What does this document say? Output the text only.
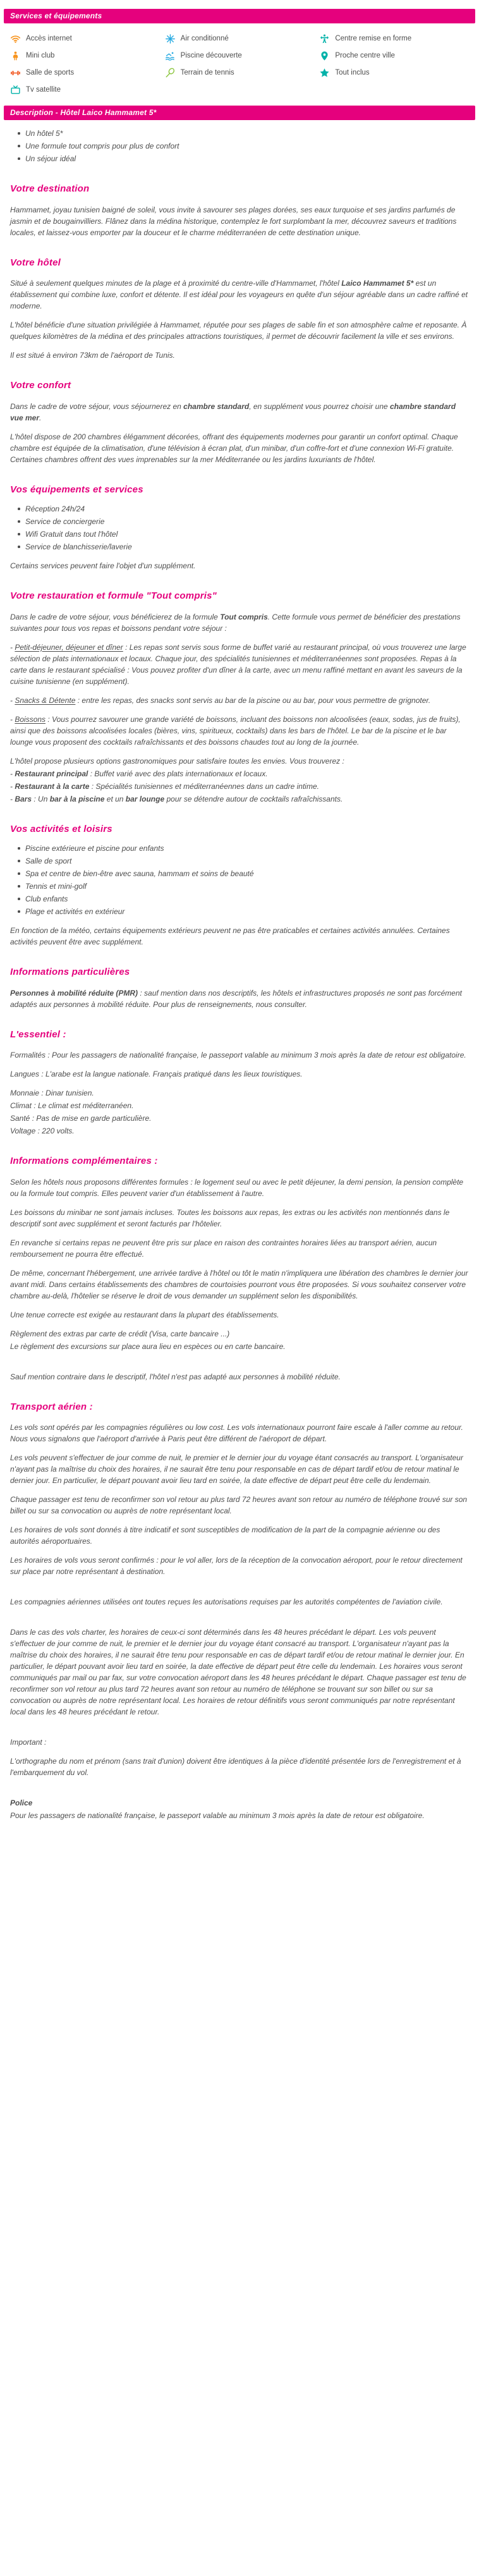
Services et équipements
Accès internet	Air conditionné	Centre remise en forme
Mini club	Piscine découverte	Proche centre ville
Salle de sports	Terrain de tennis	Tout inclus
Tv satellite
Description - Hôtel Laico Hammamet 5*
Un hôtel 5*
Une formule tout compris pour plus de confort
Un séjour idéal
Votre destination

Hammamet, joyau tunisien baigné de soleil, vous invite à savourer ses plages dorées, ses eaux turquoise et ses jardins parfumés de jasmin et de bougainvilliers. Flânez dans la médina historique, contemplez le fort surplombant la mer, découvrez saveurs et traditions locales, et laissez-vous emporter par la douceur et le charme méditerranéen de cette destination unique.

Votre hôtel

Situé à seulement quelques minutes de la plage et à proximité du centre-ville d'Hammamet, l'hôtel Laico Hammamet 5* est un établissement qui combine luxe, confort et détente. Il est idéal pour les voyageurs en quête d'un séjour agréable dans un cadre raffiné et moderne.

L'hôtel bénéficie d'une situation privilégiée à Hammamet, réputée pour ses plages de sable fin et son atmosphère calme et reposante. À quelques kilomètres de la médina et des principales attractions touristiques, il permet de découvrir facilement la ville et ses environs.

Il est situé à environ 73km de l'aéroport de Tunis.

Votre confort

Dans le cadre de votre séjour, vous séjournerez en chambre standard, en supplément vous pourrez choisir une chambre standard vue mer.

L'hôtel dispose de 200 chambres élégamment décorées, offrant des équipements modernes pour garantir un confort optimal. Chaque chambre est équipée de la climatisation, d'une télévision à écran plat, d'un minibar, d'un coffre-fort et d'une connexion Wi-Fi gratuite. Certaines chambres offrent des vues imprenables sur la mer Méditerranée ou les jardins luxuriants de l'hôtel.

Vos équipements et services
Réception 24h/24
Service de conciergerie
Wifi Gratuit dans tout l'hôtel
Service de blanchisserie/laverie

Certains services peuvent faire l'objet d'un supplément.

Votre restauration et formule "Tout compris"

Dans le cadre de votre séjour, vous bénéficierez de la formule Tout compris. Cette formule vous permet de bénéficier des prestations suivantes pour tous vos repas et boissons pendant votre séjour :

- Petit-déjeuner, déjeuner et dîner : Les repas sont servis sous forme de buffet varié au restaurant principal, où vous trouverez une large sélection de plats internationaux et locaux. Chaque jour, des spécialités tunisiennes et méditerranéennes sont proposées. Repas à la carte dans le restaurant spécialisé : Vous pouvez profiter d'un dîner à la carte, avec un menu raffiné mettant en avant les saveurs de la cuisine tunisienne (en supplément).

- Snacks & Détente : entre les repas, des snacks sont servis au bar de la piscine ou au bar, pour vous permettre de grignoter.

- Boissons : Vous pourrez savourer une grande variété de boissons, incluant des boissons non alcoolisées (eaux, sodas, jus de fruits), ainsi que des boissons alcoolisées locales (bières, vins, spiritueux, cocktails) dans les bars de l'hôtel. Le bar de la piscine et le bar lounge vous proposent des cocktails rafraîchissants et des boissons chaudes tout au long de la journée.

L'hôtel propose plusieurs options gastronomiques pour satisfaire toutes les envies. Vous trouverez :

- Restaurant principal : Buffet varié avec des plats internationaux et locaux.

- Restaurant à la carte : Spécialités tunisiennes et méditerranéennes dans un cadre intime.

- Bars : Un bar à la piscine et un bar lounge pour se détendre autour de cocktails rafraîchissants.

Vos activités et loisirs
Piscine extérieure et piscine pour enfants
Salle de sport
Spa et centre de bien-être avec sauna, hammam et soins de beauté
Tennis et mini-golf
Club enfants
Plage et activités en extérieur

En fonction de la météo, certains équipements extérieurs peuvent ne pas être praticables et certaines activités annulées. Certaines activités peuvent être avec supplément.

Informations particulières

Personnes à mobilité réduite (PMR) : sauf mention dans nos descriptifs, les hôtels et infrastructures proposés ne sont pas forcément adaptés aux personnes à mobilité réduite. Pour plus de renseignements, nous consulter.

L'essentiel :

Formalités : Pour les passagers de nationalité française, le passeport valable au minimum 3 mois après la date de retour est obligatoire.

Langues : L'arabe est la langue nationale. Français pratiqué dans les lieux touristiques.

Monnaie : Dinar tunisien.

Climat : Le climat est méditerranéen.

Santé : Pas de mise en garde particulière.

Voltage : 220 volts.

Informations complémentaires :

Selon les hôtels nous proposons différentes formules : le logement seul ou avec le petit déjeuner, la demi pension, la pension complète ou la formule tout compris. Elles peuvent varier d'un établissement à l'autre.

Les boissons du minibar ne sont jamais incluses. Toutes les boissons aux repas, les extras ou les activités non mentionnés dans le descriptif sont avec supplément et seront facturés par l'hôtelier.

En revanche si certains repas ne peuvent être pris sur place en raison des contraintes horaires liées au transport aérien, aucun remboursement ne pourra être effectué.

De même, concernant l'hébergement, une arrivée tardive à l'hôtel ou tôt le matin n'impliquera une libération des chambres le dernier jour avant midi. Dans certains établissements des chambres de courtoisies pourront vous être proposées. Si vous souhaitez conserver votre chambre au-delà, l'hôtelier se réserve le droit de vous demander un supplément selon les disponibilités.

Une tenue correcte est exigée au restaurant dans la plupart des établissements.

Règlement des extras par carte de crédit (Visa, carte bancaire ...)

Le règlement des excursions sur place aura lieu en espèces ou en carte bancaire.

Sauf mention contraire dans le descriptif, l'hôtel n'est pas adapté aux personnes à mobilité réduite.

Transport aérien :

Les vols sont opérés par les compagnies régulières ou low cost. Les vols internationaux pourront faire escale à l'aller comme au retour. Nous vous signalons que l'aéroport d'arrivée à Paris peut être différent de l'aéroport de départ.

Les vols peuvent s'effectuer de jour comme de nuit, le premier et le dernier jour du voyage étant consacrés au transport. L'organisateur n'ayant pas la maîtrise du choix des horaires, il ne saurait être tenu pour responsable en cas de départ tardif et/ou de retour matinal le dernier jour. En particulier, le départ pouvant avoir lieu tard en soirée, la date effective de départ peut être celle du lendemain.

Chaque passager est tenu de reconfirmer son vol retour au plus tard 72 heures avant son retour au numéro de téléphone trouvé sur son billet ou sur sa convocation ou auprès de notre représentant local.

Les horaires de vols sont donnés à titre indicatif et sont susceptibles de modification de la part de la compagnie aérienne ou des autorités aéroportuaires.

Les horaires de vols vous seront confirmés : pour le vol aller, lors de la réception de la convocation aéroport, pour le retour directement sur place par notre représentant à destination.

Les compagnies aériennes utilisées ont toutes reçues les autorisations requises par les autorités compétentes de l'aviation civile.

Dans le cas des vols charter, les horaires de ceux-ci sont déterminés dans les 48 heures précédant le départ. Les vols peuvent s'effectuer de jour comme de nuit, le premier et le dernier jour du voyage étant consacré au transport. L'organisateur n'ayant pas la maîtrise du choix des horaires, il ne saurait être tenu pour responsable en cas de départ tardif et/ou de retour matinal le dernier jour. En particulier, le départ pouvant avoir lieu tard en soirée, la date effective de départ peut être celle du lendemain. Les horaires vous seront communiqués par mail ou par fax, sur votre convocation aéroport dans les 48 heures précédant le départ. Chaque passager est tenu de reconfirmer son vol retour au plus tard 72 heures avant son retour au numéro de téléphone se trouvant sur son billet ou sur sa convocation ou auprès de notre représentant local. Les horaires de retour définitifs vous seront communiqués par notre représentant local dans les 48 heures précédant le retour.

Important :

L'orthographe du nom et prénom (sans trait d'union) doivent être identiques à la pièce d'identité présentée lors de l'enregistrement et à l'embarquement du vol.

Police

Pour les passagers de nationalité française, le passeport valable au minimum 3 mois après la date de retour est obligatoire.
